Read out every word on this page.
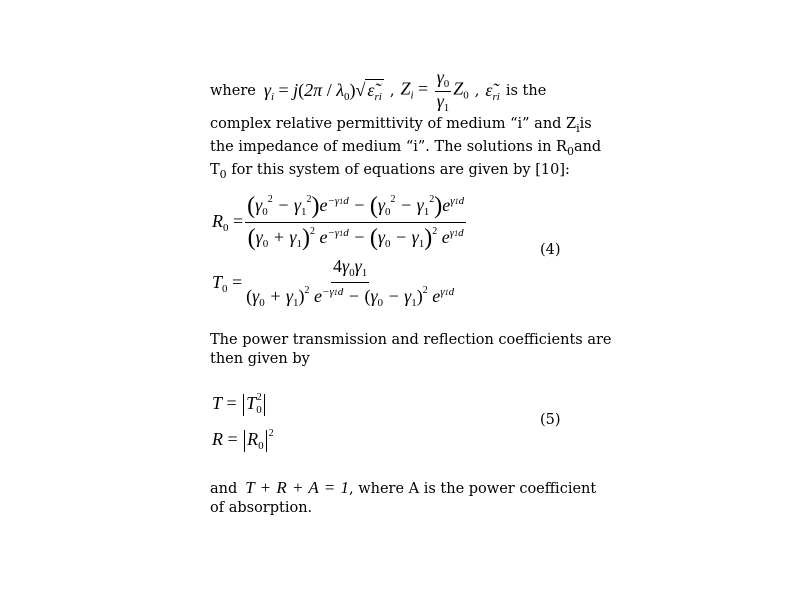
where $\gamma_i = j(2\pi / \lambda_0)√$ $\varepsiloñ_{ri}$ , $Z_i = \frac{\gamma_0}{\gamma_1} Z_0$ , $\varepsiloñ_{ri}$ is the
complex relative permittivity of medium “i” and $Z_i$ is
the impedance of medium “i”. The solutions in $R_0$ and
$T_0$ for this system of equations are given by [10]:
$R_0 = \frac{(\gamma_0^2 - \gamma_1^2)e^{-\gamma 1d} - (\gamma_0^2 - \gamma_1^2)e^{\gamma 1d}}{(\gamma_0 + \gamma_1)^2 e^{-\gamma 1d} - (\gamma_0 - \gamma_1)^2 e^{\gamma 1d}}$	(4)
$T_0 = \frac{4\gamma_0\gamma_1}{(\gamma_0 + \gamma_1)^2 e^{-\gamma 1d} - (\gamma_0 - \gamma_1)^2 e^{\gamma 1d}}$
The power transmission and reflection coefficients are
then given by
$T = T_0^2$
(5)
$R = R_0^2$
and T + R + A = 1 , where A is the power coefficient
of absorption.
